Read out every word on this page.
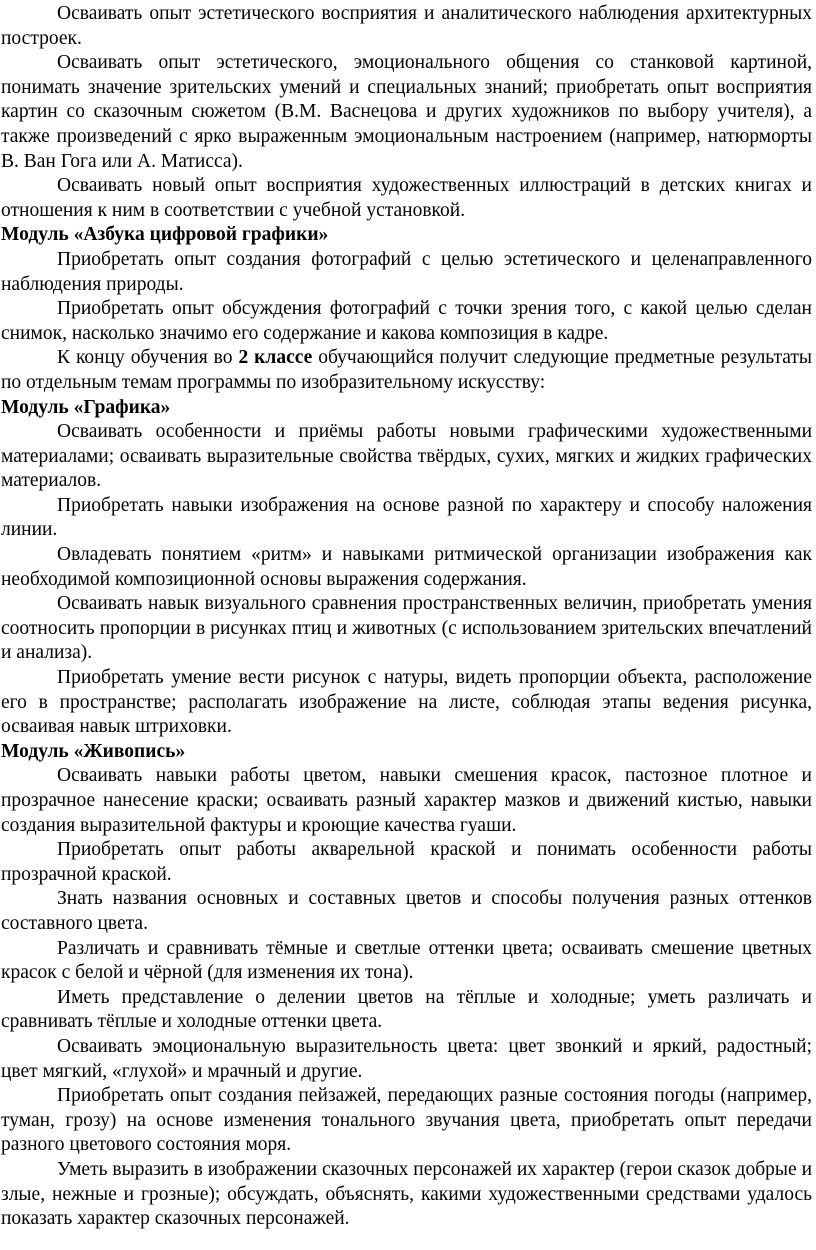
Осваивать опыт эстетического восприятия и аналитического наблюдения архитектурных построек.

Осваивать опыт эстетического, эмоционального общения со станковой картиной, понимать значение зрительских умений и специальных знаний; приобретать опыт восприятия картин со сказочным сюжетом (В.М. Васнецова и других художников по выбору учителя), а также произведений с ярко выраженным эмоциональным настроением (например, натюрморты В. Ван Гога или А. Матисса).

Осваивать новый опыт восприятия художественных иллюстраций в детских книгах и отношения к ним в соответствии с учебной установкой.

Модуль «Азбука цифровой графики»

Приобретать опыт создания фотографий с целью эстетического и целенаправленного наблюдения природы.

Приобретать опыт обсуждения фотографий с точки зрения того, с какой целью сделан снимок, насколько значимо его содержание и какова композиция в кадре.

К концу обучения во 2 классе обучающийся получит следующие предметные результаты по отдельным темам программы по изобразительному искусству:

Модуль «Графика»

Осваивать особенности и приёмы работы новыми графическими художественными материалами; осваивать выразительные свойства твёрдых, сухих, мягких и жидких графических материалов.

Приобретать навыки изображения на основе разной по характеру и способу наложения линии.

Овладевать понятием «ритм» и навыками ритмической организации изображения как необходимой композиционной основы выражения содержания.

Осваивать навык визуального сравнения пространственных величин, приобретать умения соотносить пропорции в рисунках птиц и животных (с использованием зрительских впечатлений и анализа).

Приобретать умение вести рисунок с натуры, видеть пропорции объекта, расположение его в пространстве; располагать изображение на листе, соблюдая этапы ведения рисунка, осваивая навык штриховки.

Модуль «Живопись»

Осваивать навыки работы цветом, навыки смешения красок, пастозное плотное и прозрачное нанесение краски; осваивать разный характер мазков и движений кистью, навыки создания выразительной фактуры и кроющие качества гуаши.

Приобретать опыт работы акварельной краской и понимать особенности работы прозрачной краской.

Знать названия основных и составных цветов и способы получения разных оттенков составного цвета.

Различать и сравнивать тёмные и светлые оттенки цвета; осваивать смешение цветных красок с белой и чёрной (для изменения их тона).

Иметь представление о делении цветов на тёплые и холодные; уметь различать и сравнивать тёплые и холодные оттенки цвета.

Осваивать эмоциональную выразительность цвета: цвет звонкий и яркий, радостный; цвет мягкий, «глухой» и мрачный и другие.

Приобретать опыт создания пейзажей, передающих разные состояния погоды (например, туман, грозу) на основе изменения тонального звучания цвета, приобретать опыт передачи разного цветового состояния моря.

Уметь выразить в изображении сказочных персонажей их характер (герои сказок добрые и злые, нежные и грозные); обсуждать, объяснять, какими художественными средствами удалось показать характер сказочных персонажей.
